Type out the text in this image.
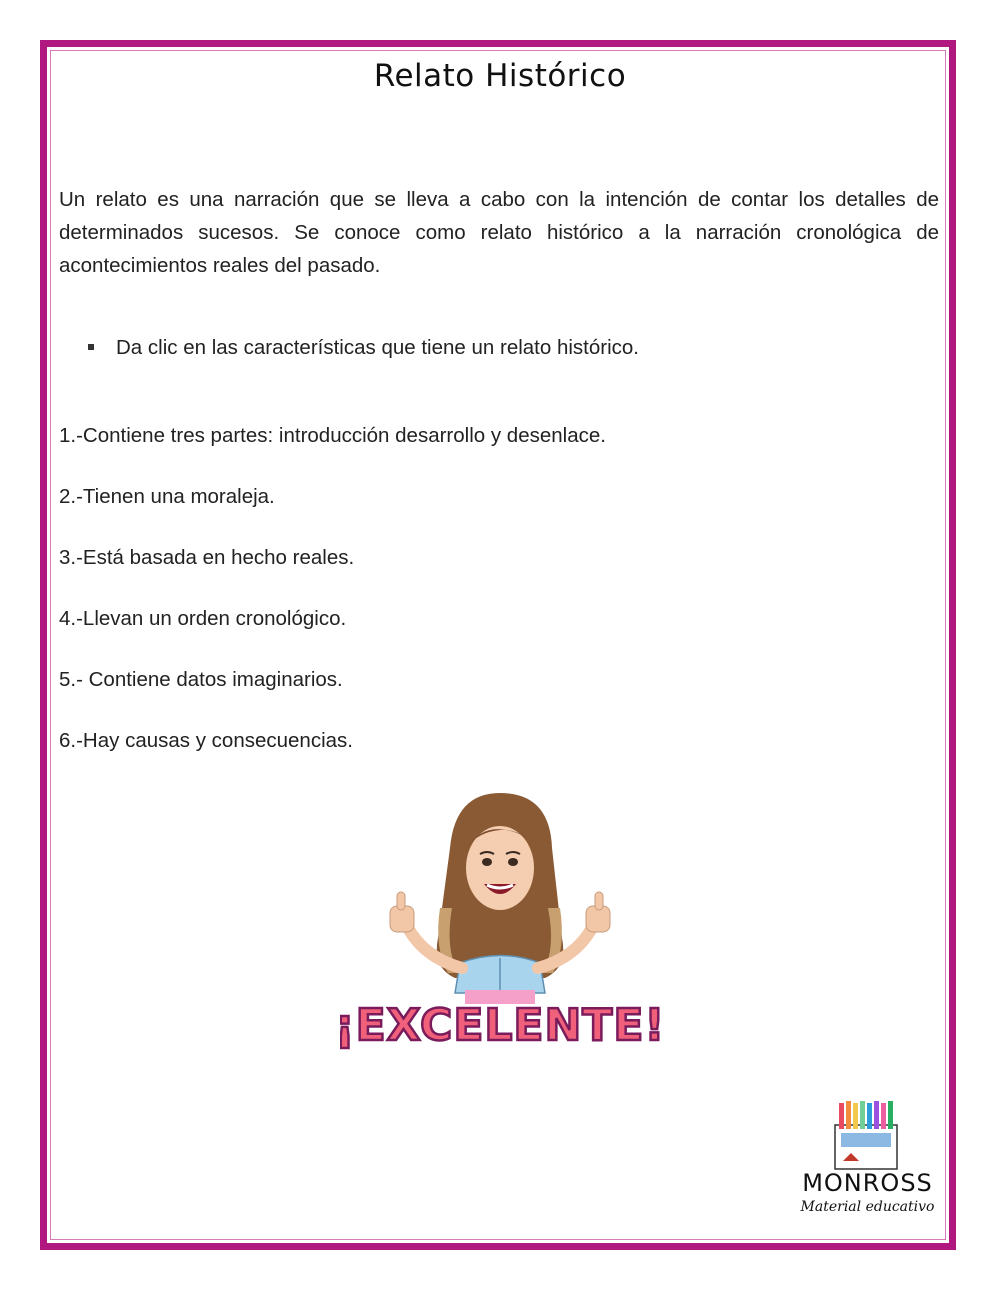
Relato Histórico

Un relato es una narración que se lleva a cabo con la intención de contar los detalles de determinados sucesos. Se conoce como relato histórico a la narración cronológica de acontecimientos reales del pasado.

Da clic en las características que tiene un relato histórico.
1.-Contiene tres partes: introducción desarrollo y desenlace.
2.-Tienen una moraleja.
3.-Está basada en hecho reales.
4.-Llevan un orden cronológico.
5.- Contiene datos imaginarios.
6.-Hay causas y consecuencias.
¡EXCELENTE!
MONROSS
Material educativo
